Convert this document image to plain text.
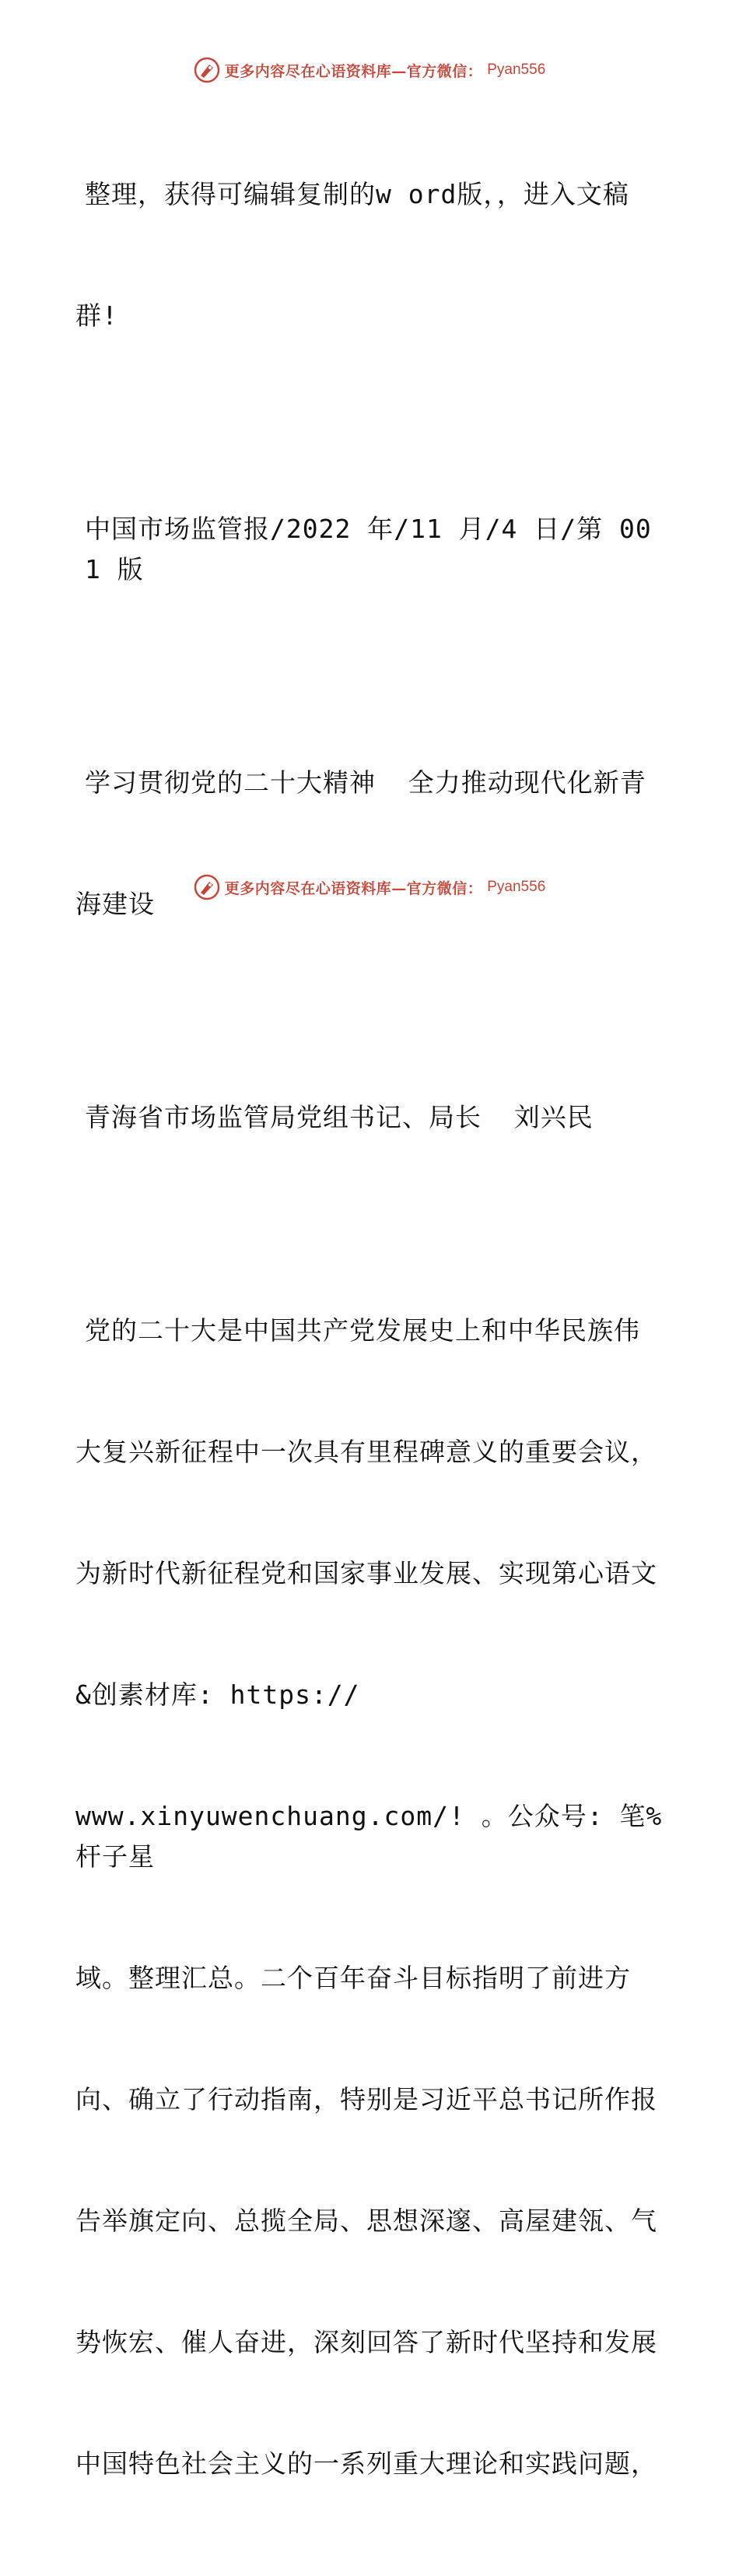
更多内容尽在心语资料库—官方微信： Pyan556

整理，获得可编辑复制的w ord版，，进入文稿

群!

中国市场监管报/2022 年/11 月/4 日/第 001 版

学习贯彻党的二十大精神  全力推动现代化新青

海建设

青海省市场监管局党组书记、局长  刘兴民

党的二十大是中国共产党发展史上和中华民族伟

大复兴新征程中一次具有里程碑意义的重要会议，

为新时代新征程党和国家事业发展、实现第心语文

&创素材库: https://

www.xinyuwenchuang.com/! 。公众号: 笔%杆子星

域。整理汇总。二个百年奋斗目标指明了前进方

向、确立了行动指南，特别是习近平总书记所作报

告举旗定向、总揽全局、思想深邃、高屋建瓴、气

势恢宏、催人奋进，深刻回答了新时代坚持和发展

中国特色社会主义的一系列重大理论和实践问题，

更多内容尽在心语资料库—官方微信： Pyan556
